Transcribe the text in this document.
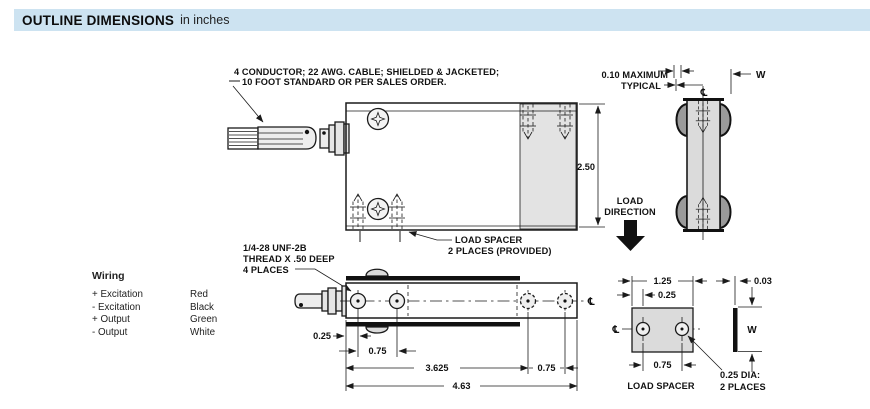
OUTLINE DIMENSIONS in inches
Wiring
+ Excitation	Red
- Excitation	Black
+ Output	Green
- Output	White
4 CONDUCTOR; 22 AWG. CABLE; SHIELDED & JACKETED;
10 FOOT STANDARD OR PER SALES ORDER.
LOAD SPACER
2 PLACES (PROVIDED)
1/4-28 UNF-2B
THREAD X .50 DEEP
4 PLACES
2.50
0.10 MAXIMUM
TYPICAL
℄
W
LOAD
DIRECTION
℄
0.25
0.75
3.625	0.75
4.63
℄
1.25
0.25
0.75
LOAD SPACER
0.25 DIA:
2 PLACES
0.03
W
